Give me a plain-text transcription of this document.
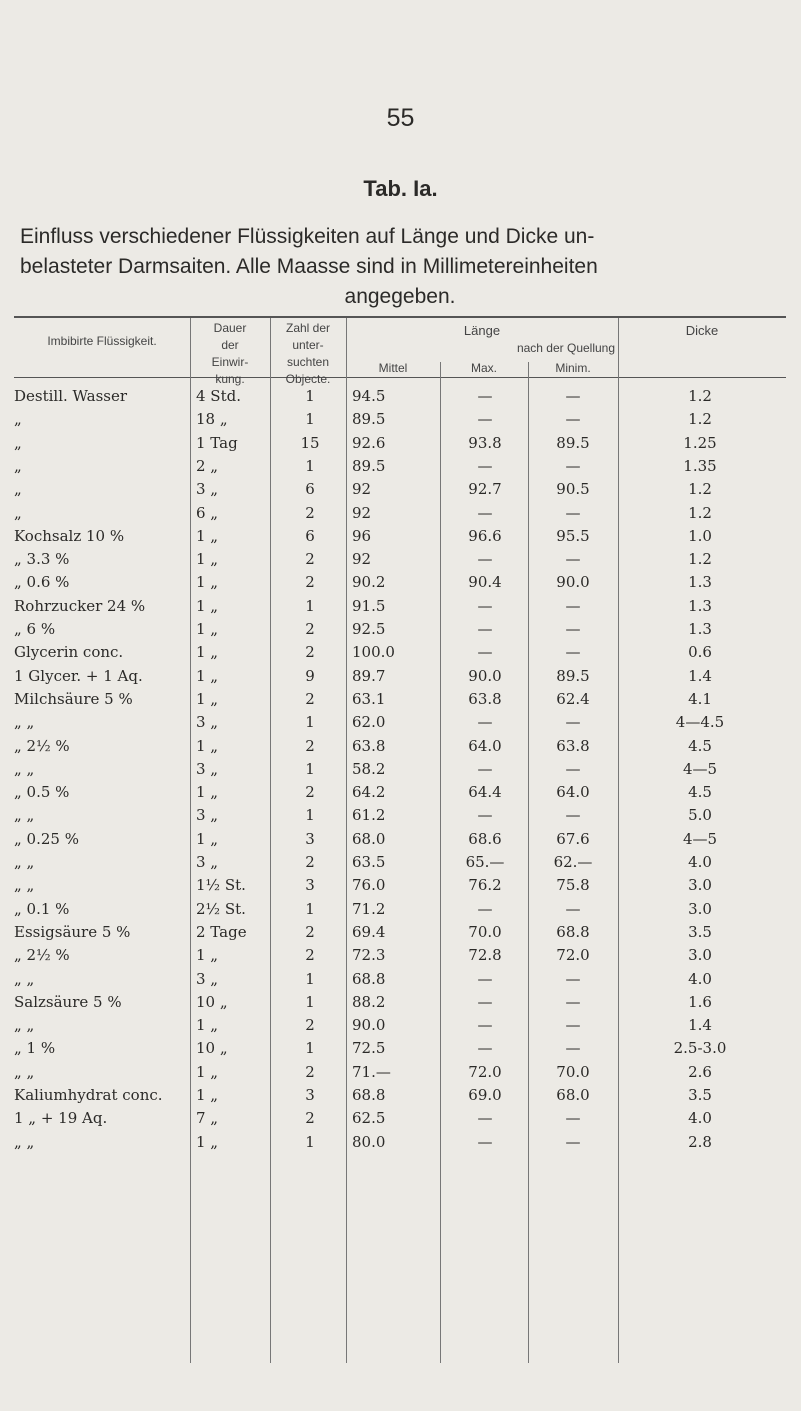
55
Tab. Ia.
Einfluss verschiedener Flüssigkeiten auf Länge und Dicke un-
belasteter Darmsaiten. Alle Maasse sind in Millimetereinheiten
angegeben.
Imbibirte Flüssigkeit.
Dauer
der
Einwir-
kung.
Zahl der
unter-
suchten
Objecte.
Länge	Dicke
nach der Quellung
Mittel	Max.	Minim.
Destill. Wasser	4 Std.	1	94.5	—	—	1.2
„	18 „	1	89.5	—	—	1.2
„	1 Tag	15	92.6	93.8	89.5	1.25
„	2 „	1	89.5	—	—	1.35
„	3 „	6	92	92.7	90.5	1.2
„	6 „	2	92	—	—	1.2
Kochsalz 10 %	1 „	6	96	96.6	95.5	1.0
„ 3.3 %	1 „	2	92	—	—	1.2
„ 0.6 %	1 „	2	90.2	90.4	90.0	1.3
Rohrzucker 24 %	1 „	1	91.5	—	—	1.3
„ 6 %	1 „	2	92.5	—	—	1.3
Glycerin conc.	1 „	2	100.0	—	—	0.6
1 Glycer. + 1 Aq.	1 „	9	89.7	90.0	89.5	1.4
Milchsäure 5 %	1 „	2	63.1	63.8	62.4	4.1
„ „	3 „	1	62.0	—	—	4—4.5
„ 2½ %	1 „	2	63.8	64.0	63.8	4.5
„ „	3 „	1	58.2	—	—	4—5
„ 0.5 %	1 „	2	64.2	64.4	64.0	4.5
„ „	3 „	1	61.2	—	—	5.0
„ 0.25 %	1 „	3	68.0	68.6	67.6	4—5
„ „	3 „	2	63.5	65.—	62.—	4.0
„ „	1½ St.	3	76.0	76.2	75.8	3.0
„ 0.1 %	2½ St.	1	71.2	—	—	3.0
Essigsäure 5 %	2 Tage	2	69.4	70.0	68.8	3.5
„ 2½ %	1 „	2	72.3	72.8	72.0	3.0
„ „	3 „	1	68.8	—	—	4.0
Salzsäure 5 %	10 „	1	88.2	—	—	1.6
„ „	1 „	2	90.0	—	—	1.4
„ 1 %	10 „	1	72.5	—	—	2.5-3.0
„ „	1 „	2	71.—	72.0	70.0	2.6
Kaliumhydrat conc.	1 „	3	68.8	69.0	68.0	3.5
1 „ + 19 Aq.	7 „	2	62.5	—	—	4.0
„ „	1 „	1	80.0	—	—	2.8
